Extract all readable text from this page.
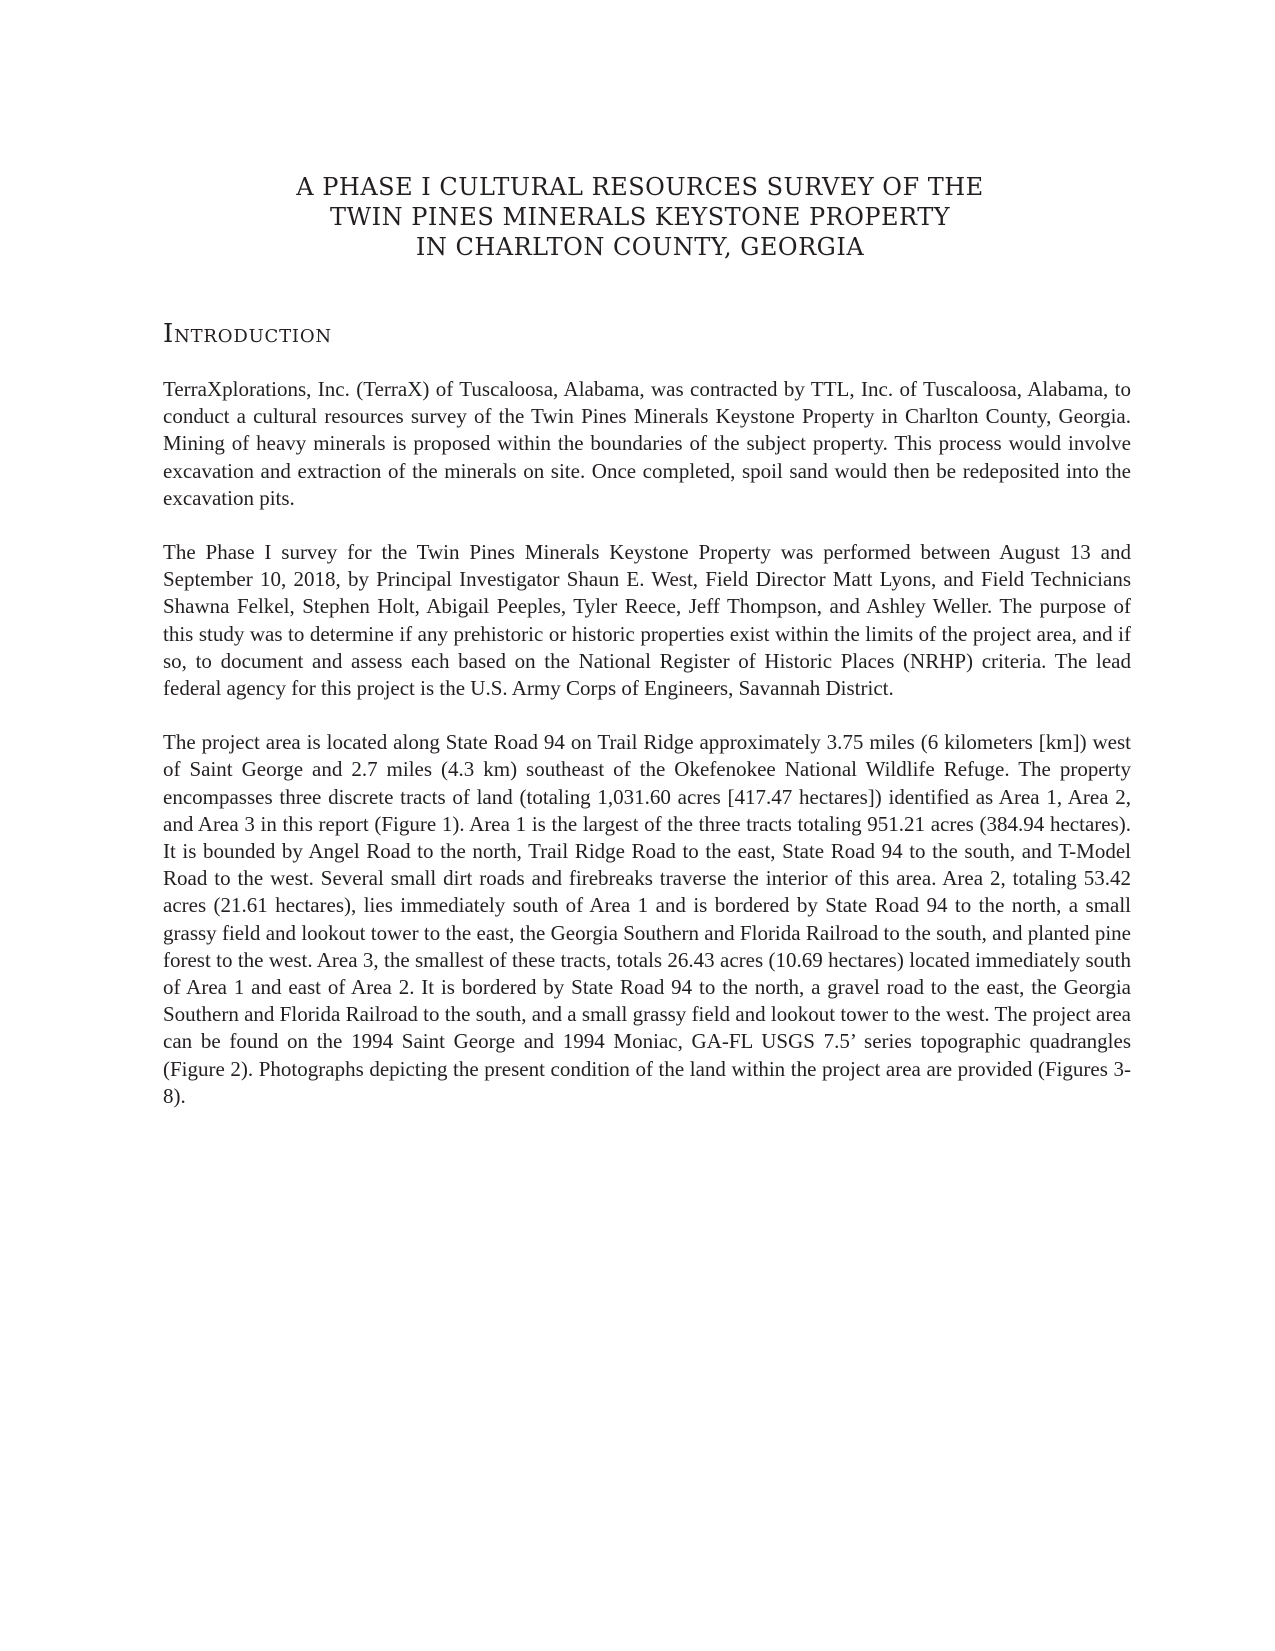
A PHASE I CULTURAL RESOURCES SURVEY OF THE
TWIN PINES MINERALS KEYSTONE PROPERTY
IN CHARLTON COUNTY, GEORGIA
Introduction

TerraXplorations, Inc. (TerraX) of Tuscaloosa, Alabama, was contracted by TTL, Inc. of Tuscaloosa, Alabama, to conduct a cultural resources survey of the Twin Pines Minerals Keystone Property in Charlton County, Georgia. Mining of heavy minerals is proposed within the boundaries of the subject property. This process would involve excavation and extraction of the minerals on site. Once completed, spoil sand would then be redeposited into the excavation pits.

The Phase I survey for the Twin Pines Minerals Keystone Property was performed between August 13 and September 10, 2018, by Principal Investigator Shaun E. West, Field Director Matt Lyons, and Field Technicians Shawna Felkel, Stephen Holt, Abigail Peeples, Tyler Reece, Jeff Thompson, and Ashley Weller. The purpose of this study was to determine if any prehistoric or historic properties exist within the limits of the project area, and if so, to document and assess each based on the National Register of Historic Places (NRHP) criteria. The lead federal agency for this project is the U.S. Army Corps of Engineers, Savannah District.

The project area is located along State Road 94 on Trail Ridge approximately 3.75 miles (6 kilometers [km]) west of Saint George and 2.7 miles (4.3 km) southeast of the Okefenokee National Wildlife Refuge. The property encompasses three discrete tracts of land (totaling 1,031.60 acres [417.47 hectares]) identified as Area 1, Area 2, and Area 3 in this report (Figure 1). Area 1 is the largest of the three tracts totaling 951.21 acres (384.94 hectares). It is bounded by Angel Road to the north, Trail Ridge Road to the east, State Road 94 to the south, and T-Model Road to the west. Several small dirt roads and firebreaks traverse the interior of this area. Area 2, totaling 53.42 acres (21.61 hectares), lies immediately south of Area 1 and is bordered by State Road 94 to the north, a small grassy field and lookout tower to the east, the Georgia Southern and Florida Railroad to the south, and planted pine forest to the west. Area 3, the smallest of these tracts, totals 26.43 acres (10.69 hectares) located immediately south of Area 1 and east of Area 2. It is bordered by State Road 94 to the north, a gravel road to the east, the Georgia Southern and Florida Railroad to the south, and a small grassy field and lookout tower to the west. The project area can be found on the 1994 Saint George and 1994 Moniac, GA-FL USGS 7.5’ series topographic quadrangles (Figure 2). Photographs depicting the present condition of the land within the project area are provided (Figures 3-8).
